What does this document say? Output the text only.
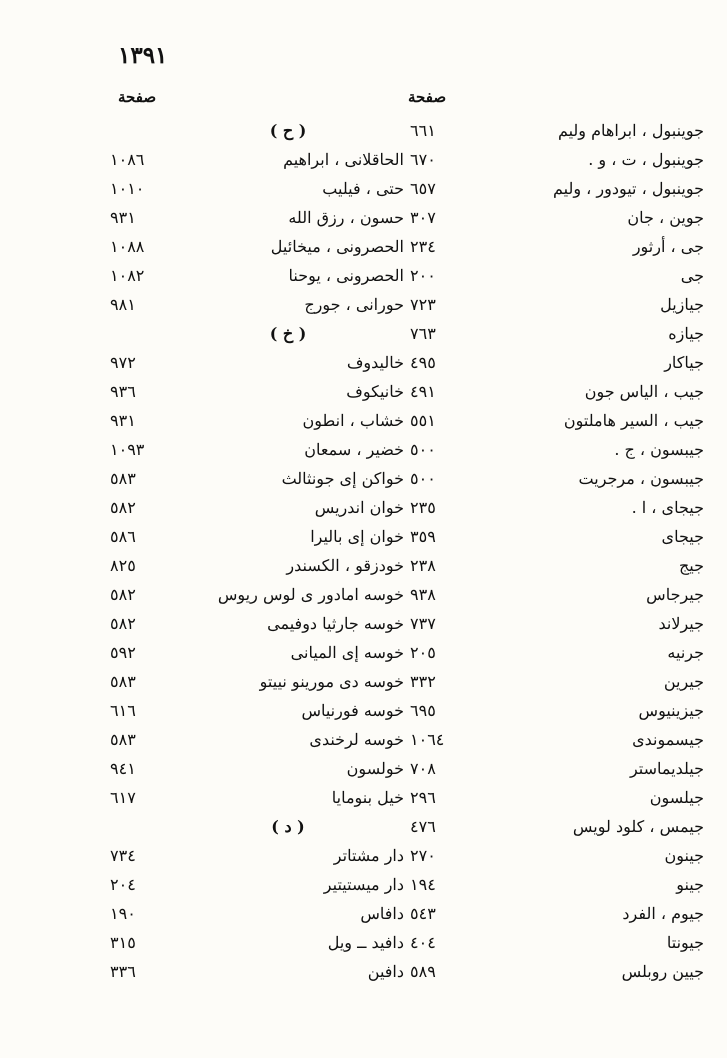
١٣٩١
صفحة	صفحة
جوينبول ، ابراهام وليم
٦٦١
جوينبول ، ت ، و .
٦٧٠
جوينبول ، تيودور ، وليم
٦٥٧
جوين ، جان
٣٠٧
جى ، أرثور
٢٣٤
جى
٢٠٠
جيازيل
٧٢٣
جيازه
٧٦٣
جياكار
٤٩٥
جيب ، الياس جون
٤٩١
جيب ، السير هاملتون
٥٥١
جيبسون ، ج .
٥٠٠
جيبسون ، مرجريت
٥٠٠
جيجاى ، ا .
٢٣٥
جيجاى
٣٥٩
جيج
٢٣٨
جيرجاس
٩٣٨
جيرلاند
٧٣٧
جرنيه
٢٠٥
جيرين
٣٣٢
جيزينيوس
٦٩٥
جيسموندى
١٠٦٤
جيلديماستر
٧٠٨
جيلسون
٢٩٦
جيمس ، كلود لويس
٤٧٦
جينون
٢٧٠
جينو
١٩٤
جيوم ، الفرد
٥٤٣
جيونتا
٤٠٤
جيين روبلس
٥٨٩
( ح )
الحاقلانى ، ابراهيم
١٠٨٦
حتى ، فيليب
١٠١٠
حسون ، رزق الله
٩٣١
الحصرونى ، ميخائيل
١٠٨٨
الحصرونى ، يوحنا
١٠٨٢
حورانى ، جورج
٩٨١
( خ )
خاليدوف
٩٧٢
خانيكوف
٩٣٦
خشاب ، انطون
٩٣١
خضير ، سمعان
١٠٩٣
خواكن إى جونثالث
٥٨٣
خوان اندريس
٥٨٢
خوان إى باليرا
٥٨٦
خودزقو ، الكسندر
٨٢٥
خوسه امادور ى لوس ريوس
٥٨٢
خوسه جارثيا دوفيمى
٥٨٢
خوسه إى الميانى
٥٩٢
خوسه دى مورينو نييتو
٥٨٣
خوسه فورنياس
٦١٦
خوسه لرخندى
٥٨٣
خولسون
٩٤١
خيل بنومايا
٦١٧
( د )
دار مشتاتر
٧٣٤
دار ميستيتير
٢٠٤
دافاس
١٩٠
دافيد ــ ويل
٣١٥
دافين
٣٣٦
